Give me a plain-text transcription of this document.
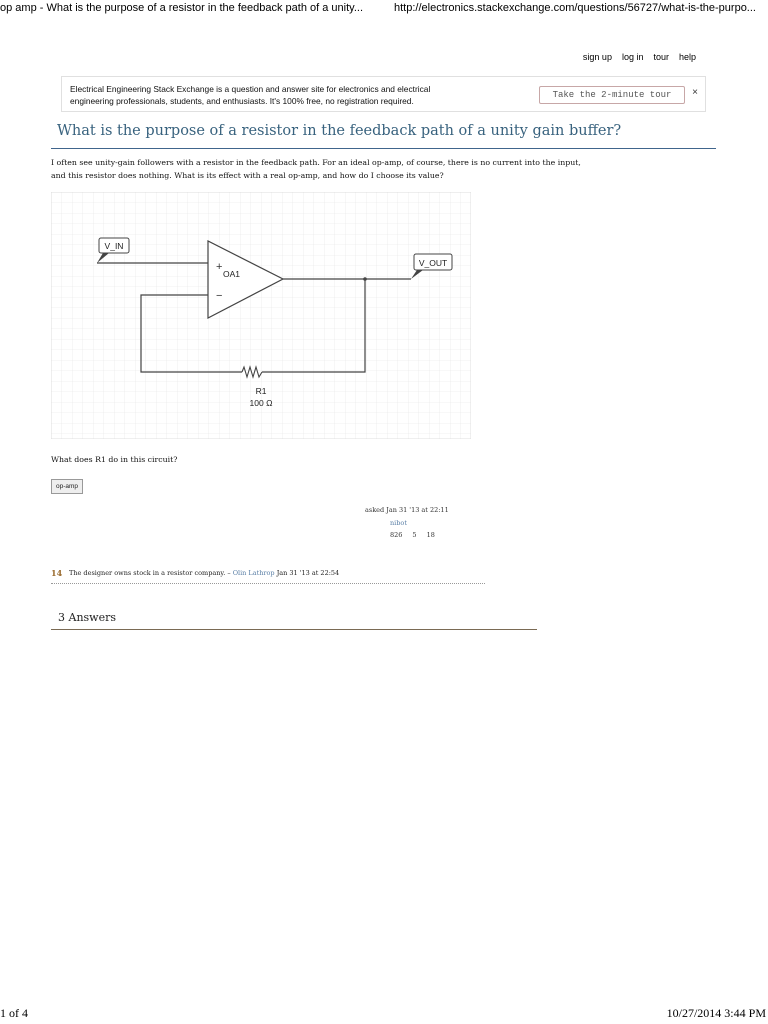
op amp - What is the purpose of a resistor in the feedback path of a unity...	http://electronics.stackexchange.com/questions/56727/what-is-the-purpo...
sign up log in tour help
Electrical Engineering Stack Exchange is a question and answer site for electronics and electrical
engineering professionals, students, and enthusiasts. It's 100% free, no registration required.
Take the 2-minute tour	×
What is the purpose of a resistor in the feedback path of a unity gain buffer?
I often see unity-gain followers with a resistor in the feedback path. For an ideal op-amp, of course, there is no current into the input,
and this resistor does nothing. What is its effect with a real op-amp, and how do I choose its value?
V_IN
+
−
OA1
V_OUT
R1
100 Ω
What does R1 do in this circuit?
op-amp
asked Jan 31 '13 at 22:11
nibot
826 5 18
14 The designer owns stock in a resistor company. – Olin Lathrop Jan 31 '13 at 22:54
3 Answers
1 of 4	10/27/2014 3:44 PM
